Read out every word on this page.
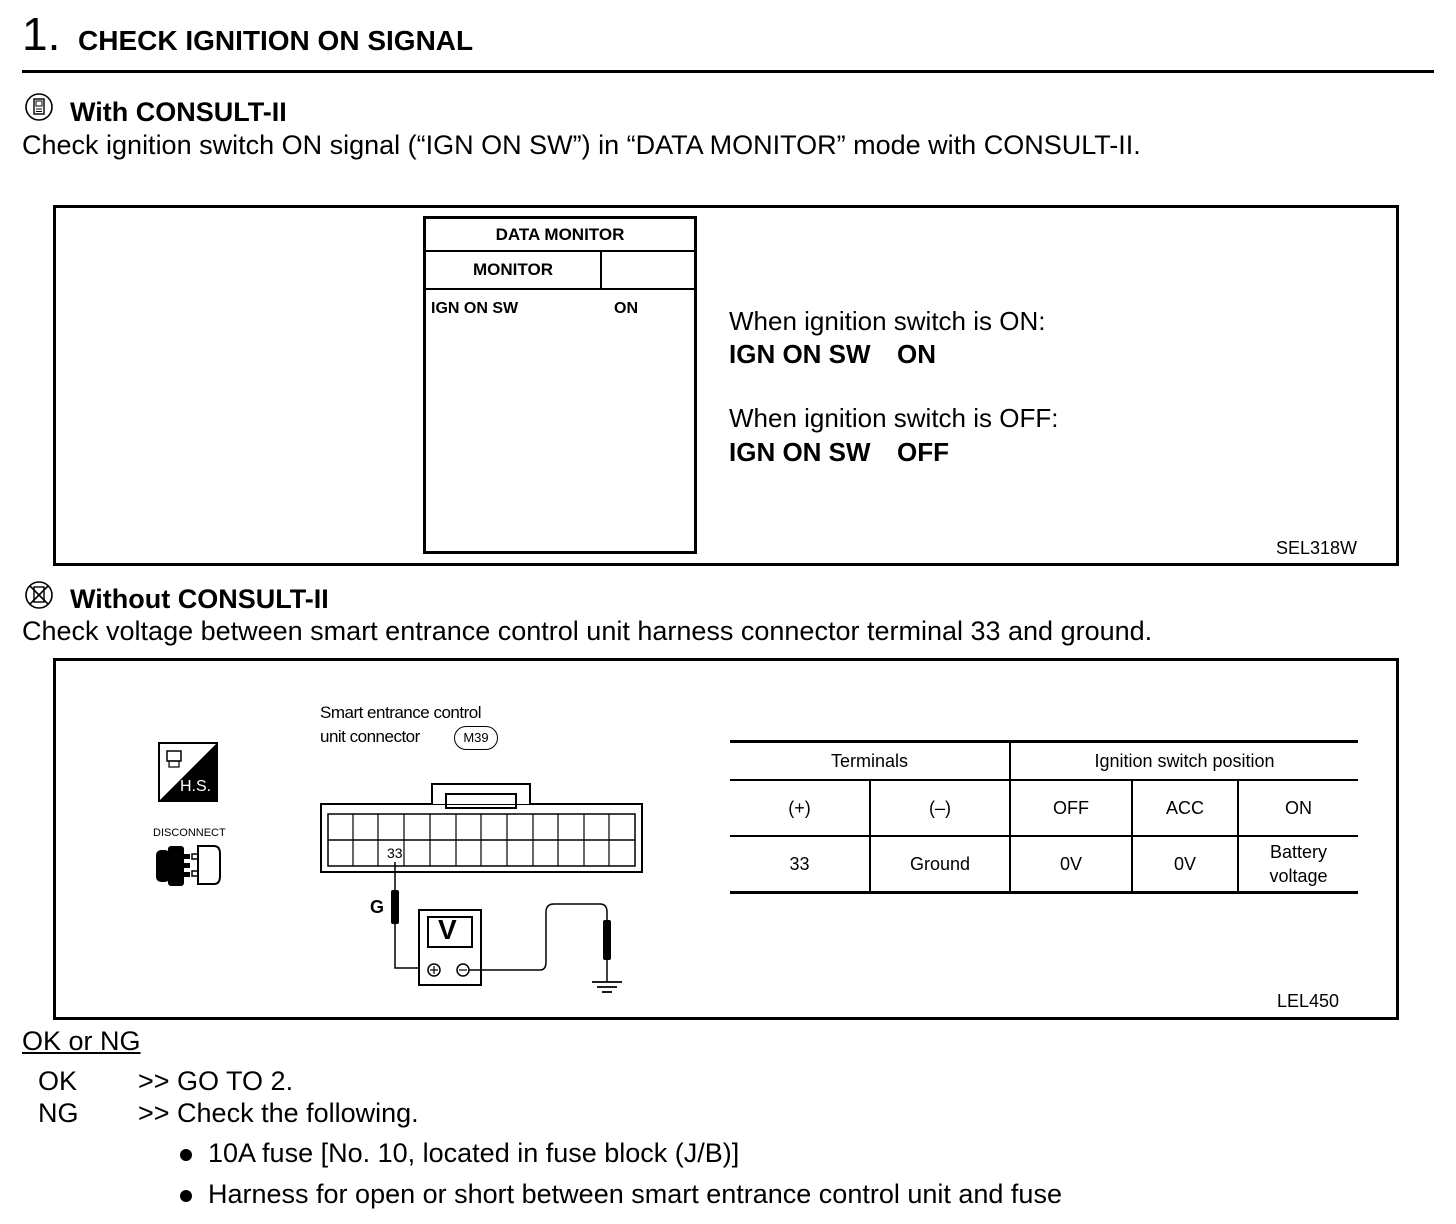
1. CHECK IGNITION ON SIGNAL
With CONSULT-II
Check ignition switch ON signal (“IGN ON SW”) in “DATA MONITOR” mode with CONSULT-II.
DATA MONITOR
MONITOR
IGN ON SW	ON	When ignition switch is ON:
IGN ON SW ON
When ignition switch is OFF:
IGN ON SW OFF
SEL318W
Without CONSULT-II
Check voltage between smart entrance control unit harness connector terminal 33 and ground.
H.S.
DISCONNECT
Smart entrance control
unit connector	M39
33
G
V
Terminals		Ignition switch position		
(+)	(–)	OFF	ACC	ON
33	Ground	0V	0V	Battery voltage
LEL450
OK or NG
OK >> GO TO 2.
NG >> Check the following.
10A fuse [No. 10, located in fuse block (J/B)]
Harness for open or short between smart entrance control unit and fuse
